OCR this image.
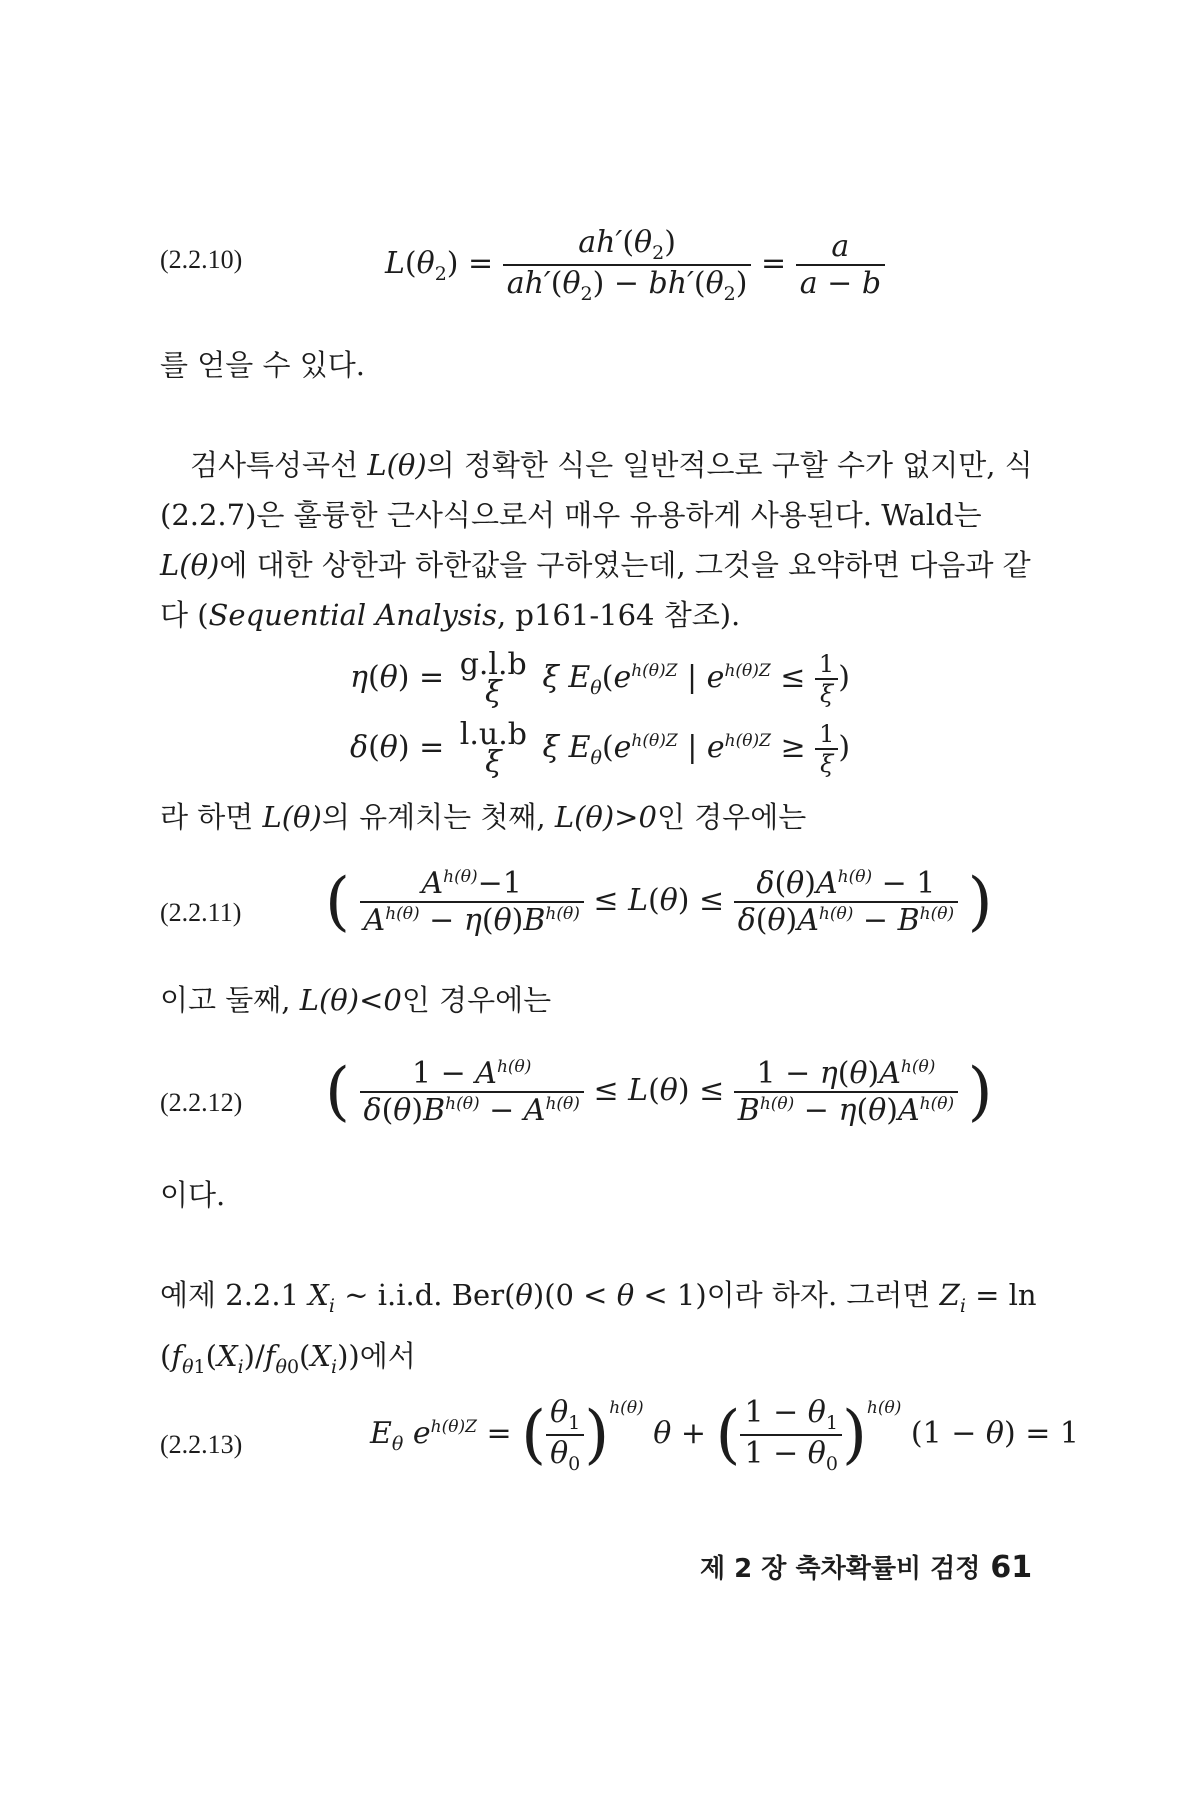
(2.2.10)	$L(\theta_2) = \frac{ah'(\theta_2)}{ah'(\theta_2) - bh'(\theta_2)} = \frac{a}{a - b}$
를 얻을 수 있다.
검사특성곡선 L(θ)의 정확한 식은 일반적으로 구할 수가 없지만, 식 (2.2.7)은 훌륭한 근사식으로서 매우 유용하게 사용된다. Wald는 L(θ)에 대한 상한과 하한값을 구하였는데, 그것을 요약하면 다음과 같다 (Sequential Analysis, p161-164 참조).
η(θ) = g.l.b
ξ ξ $E_\theta(e^{h(\theta)Z}$ | $e^{h(\theta)Z} \le \frac{1}{\xi}$ )
δ(θ) = l.u.b
ξ ξ $E_\theta(e^{h(\theta)Z}$ | $e^{h(\theta)Z} \ge \frac{1}{\xi}$ )
라 하면 L(θ)의 유계치는 첫째, L(θ)>0인 경우에는
(2.2.11) ( $\frac{A^{h(\theta)}-1}{A^{h(\theta)} - \eta(\theta)B^{h(\theta)}} \le L(\theta) \le \frac{\delta(\theta)A^{h(\theta)} - 1}{\delta(\theta)A^{h(\theta)} - B^{h(\theta)}}$ )
이고 둘째, L(θ)<0인 경우에는
(2.2.12) ( $\frac{1 - A^{h(\theta)}}{\delta(\theta)B^{h(\theta)} - A^{h(\theta)}} \le L(\theta) \le \frac{1 - \eta(\theta)A^{h(\theta)}}{B^{h(\theta)} - \eta(\theta)A^{h(\theta)}}$ )
이다.
예제 2.2.1 $X_i$ ~ i.i.d. Ber(θ)(0 < θ < 1)이라 하자. 그러면 $Z_i = \ln (f_{\theta 1}(X_i)/f_{\theta 0}(X_i))$에서
(2.2.13)	$E_\theta$ $e^{h(\theta)Z}$ = ( $\frac{\theta_1}{\theta_0} )^{h(\theta)}$ θ + ( $\frac{1 - \theta_1}{1 - \theta_0} )^{h(\theta)}$ (1 − θ) = 1
제 2 장 축차확률비 검정 61
